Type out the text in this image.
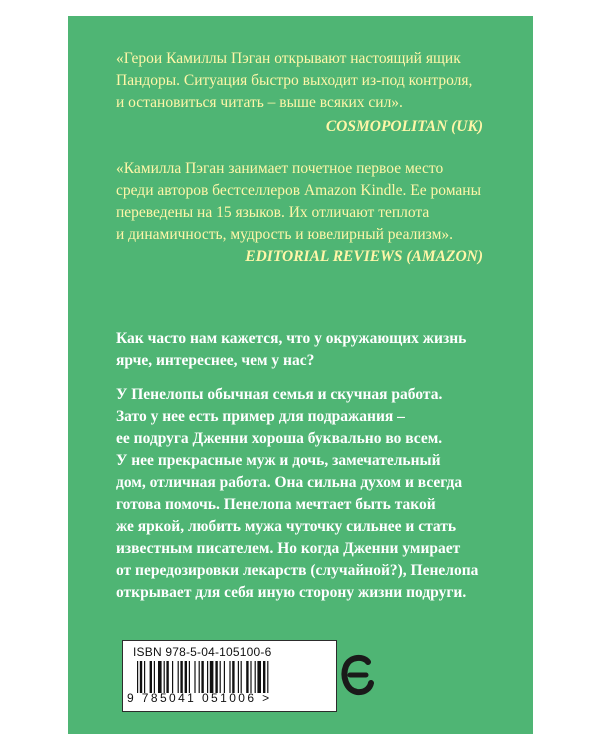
«Герои Камиллы Пэган открывают настоящий ящик
Пандоры. Ситуация быстро выходит из-под контроля,
и остановиться читать – выше всяких сил».

COSMOPOLITAN (UK)

«Камилла Пэган занимает почетное первое место
среди авторов бестселлеров Amazon Kindle. Ее романы
переведены на 15 языков. Их отличают теплота
и динамичность, мудрость и ювелирный реализм».

EDITORIAL REVIEWS (AMAZON)

Как часто нам кажется, что у окружающих жизнь
ярче, интереснее, чем у нас?

У Пенелопы обычная семья и скучная работа.
Зато у нее есть пример для подражания –
ее подруга Дженни хороша буквально во всем.
У нее прекрасные муж и дочь, замечательный
дом, отличная работа. Она сильна духом и всегда
готова помочь. Пенелопа мечтает быть такой
же яркой, любить мужа чуточку сильнее и стать
известным писателем. Но когда Дженни умирает
от передозировки лекарств (случайной?), Пенелопа
открывает для себя иную сторону жизни подруги.

ISBN 978-5-04-105100-6
9 785041 051006 >
